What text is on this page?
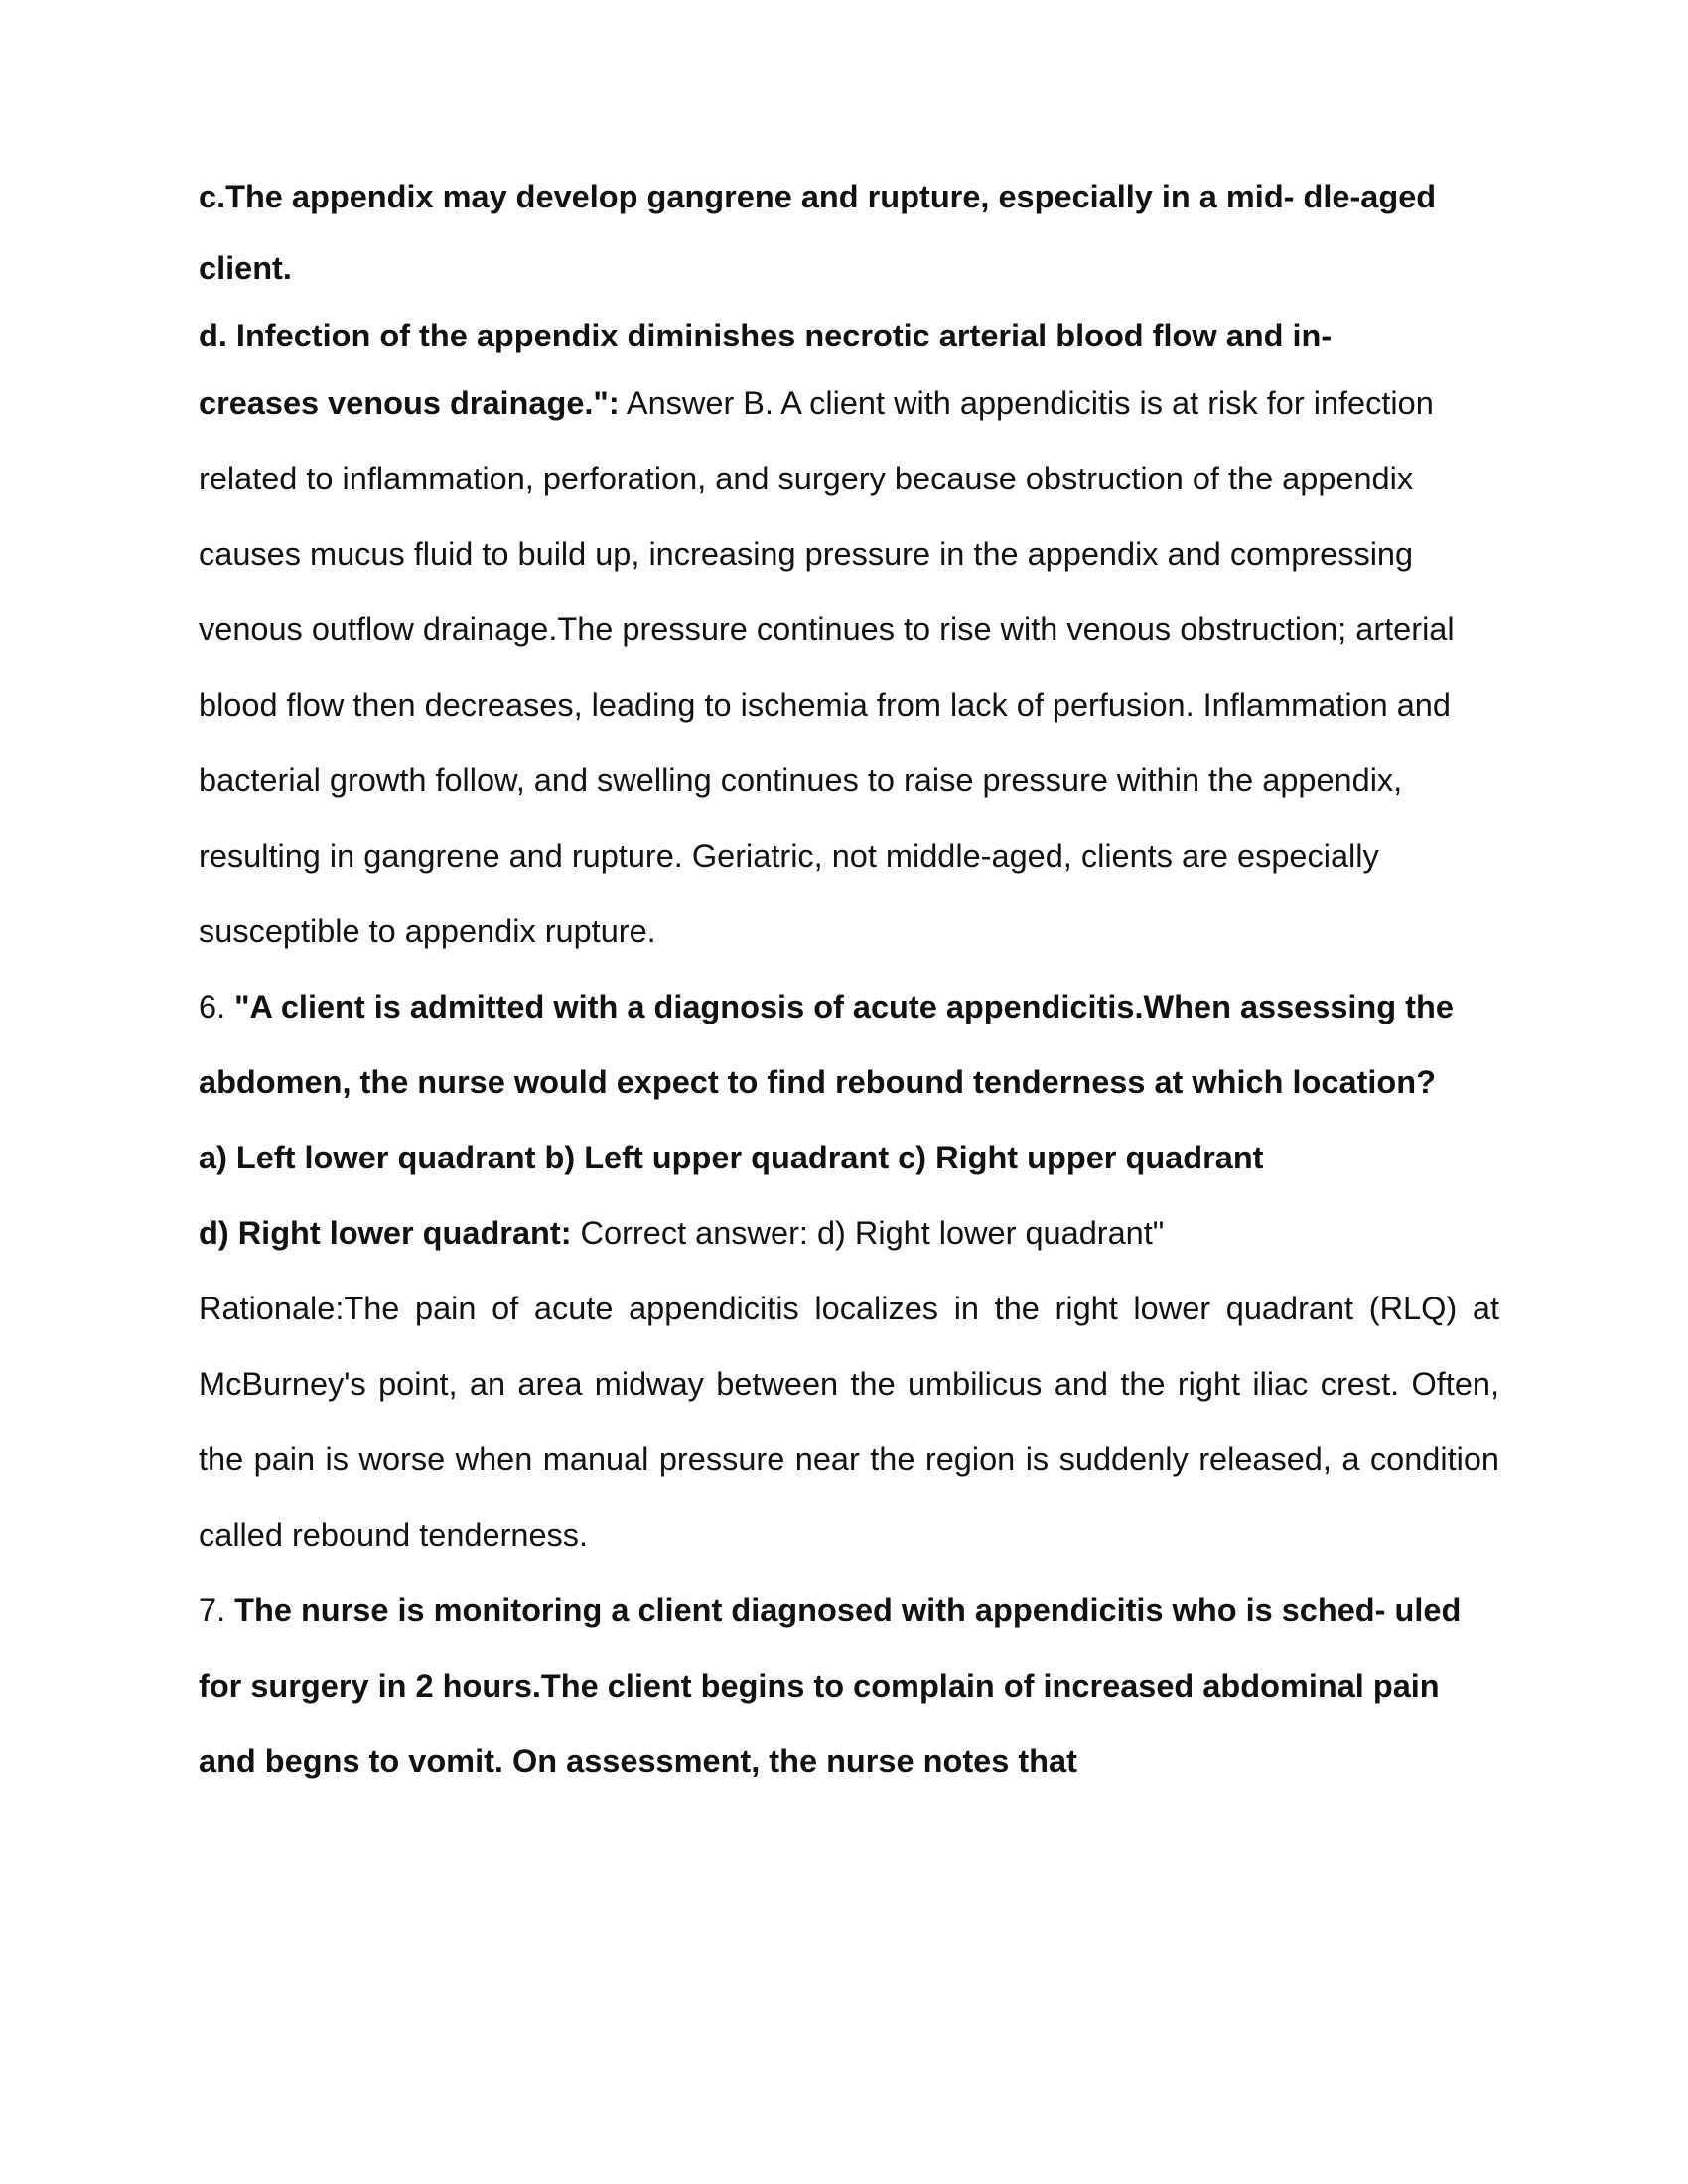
c.The appendix may develop gangrene and rupture, especially in a mid- dle-aged
client.
d. Infection of the appendix diminishes necrotic arterial blood flow and in-
creases venous drainage.": Answer B. A client with appendicitis is at risk for infection
related to inflammation, perforation, and surgery because obstruction of the appendix
causes mucus fluid to build up, increasing pressure in the appendix and compressing
venous outflow drainage.The pressure continues to rise with venous obstruction; arterial
blood flow then decreases, leading to ischemia from lack of perfusion. Inflammation and
bacterial growth follow, and swelling continues to raise pressure within the appendix,
resulting in gangrene and rupture. Geriatric, not middle-aged, clients are especially
susceptible to appendix rupture.
6. "A client is admitted with a diagnosis of acute appendicitis.When assessing the
abdomen, the nurse would expect to find rebound tenderness at which location?
a) Left lower quadrant b) Left upper quadrant c) Right upper quadrant
d) Right lower quadrant: Correct answer: d) Right lower quadrant"
Rationale:The pain of acute appendicitis localizes in the right lower quadrant (RLQ) at
McBurney's point, an area midway between the umbilicus and the right iliac crest. Often,
the pain is worse when manual pressure near the region is suddenly released, a condition
called rebound tenderness.
7. The nurse is monitoring a client diagnosed with appendicitis who is sched- uled
for surgery in 2 hours.The client begins to complain of increased abdominal pain
and begns to vomit. On assessment, the nurse notes that
